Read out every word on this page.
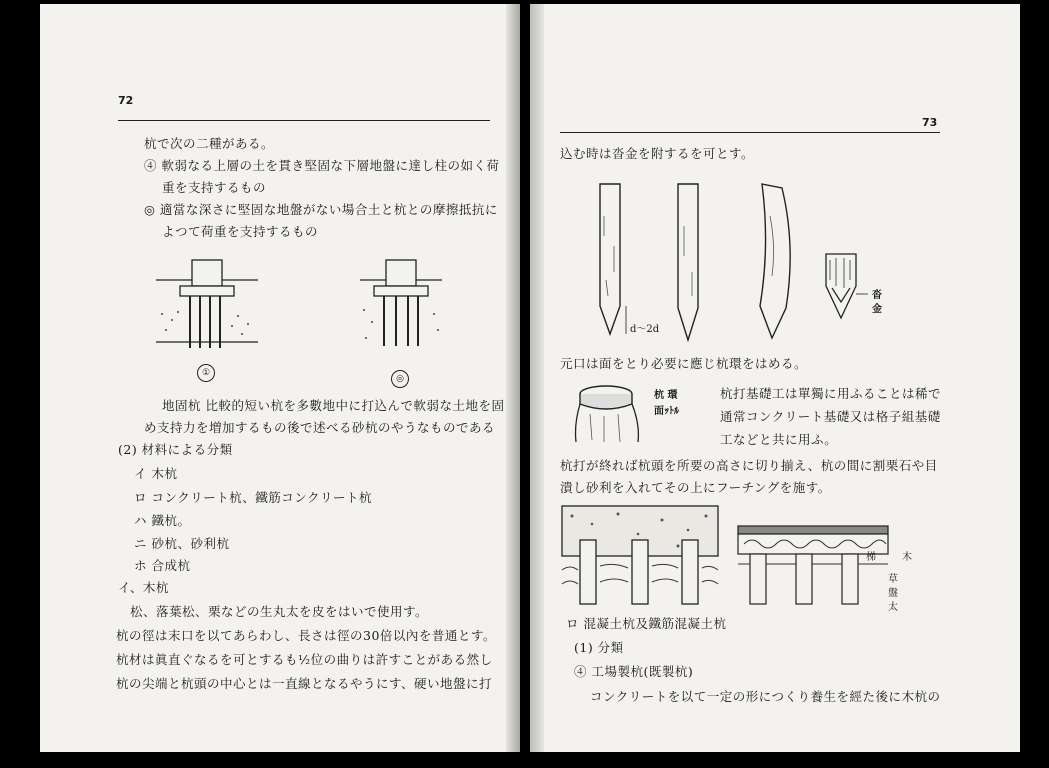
72
杭で次の二種がある。
④ 軟弱なる上層の土を貫き堅固な下層地盤に達し柱の如く荷
重を支持するもの
◎ 適當な深さに堅固な地盤がない場合土と杭との摩擦抵抗に
よつて荷重を支持するもの
①
◎
地固杭 比較的短い杭を多數地中に打込んで軟弱な土地を固
め支持力を増加するもの後で述べる砂杭のやうなものである
(2) 材料による分類
イ 木杭
ロ コンクリート杭、鐵筋コンクリート杭
ハ 鐵杭。
ニ 砂杭、砂利杭
ホ 合成杭
イ、木杭
松、落葉松、栗などの生丸太を皮をはいで使用す。
杭の徑は末口を以てあらわし、長さは徑の30倍以內を普通とす。
杭材は眞直ぐなるを可とするも½位の曲りは許すことがある然し
杭の尖端と杭頭の中心とは一直線となるやうにす、硬い地盤に打
73
込む時は沓金を附するを可とす。
d～2d
沓
金
元口は面をとり必要に應じ杭環をはめる。
杭 環
面ｯﾄﾙ
杭打基礎工は單獨に用ふることは稀で
通常コンクリート基礎又は格子組基礎
工などと共に用ふ。
杭打が終れば杭頭を所要の高さに切り揃え、杭の間に割栗石や目
潰し砂利を入れてその上にフーチングを施す。
梯	木
草
盤
太
ロ 混凝土杭及鐵筋混凝土杭
(1) 分類
④ 工場製杭(既製杭)
コンクリートを以て一定の形につくり養生を經た後に木杭の
